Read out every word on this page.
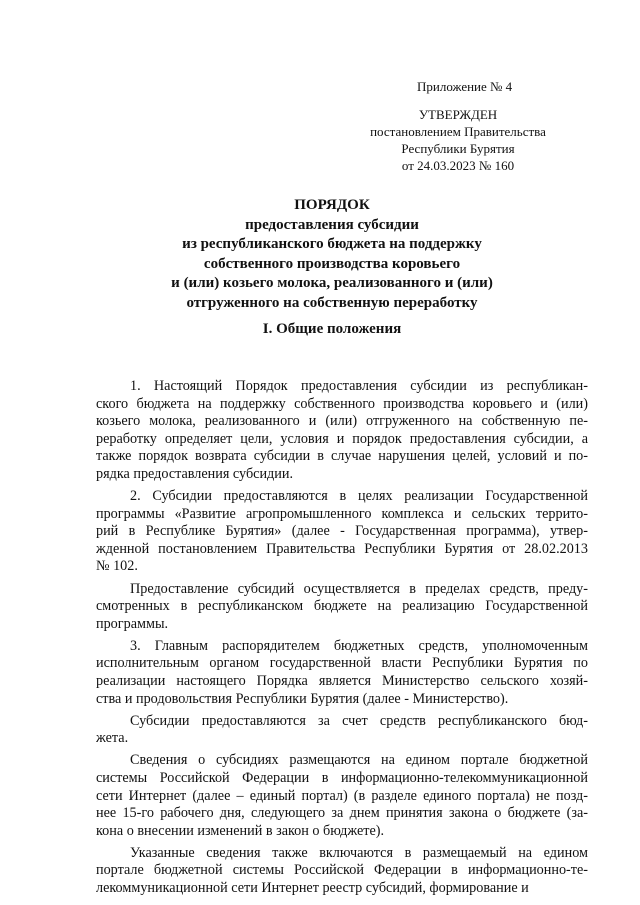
Приложение № 4
УТВЕРЖДЕН
постановлением Правительства
Республики Бурятия
от 24.03.2023 № 160
ПОРЯДОК
предоставления субсидии
из республиканского бюджета на поддержку
собственного производства коровьего
и (или) козьего молока, реализованного и (или)
отгруженного на собственную переработку
I. Общие положения
1. Настоящий Порядок предоставления субсидии из республикан-
ского бюджета на поддержку собственного производства коровьего и (или)
козьего молока, реализованного и (или) отгруженного на собственную пе-
реработку определяет цели, условия и порядок предоставления субсидии, а
также порядок возврата субсидии в случае нарушения целей, условий и по-
рядка предоставления субсидии.
2. Субсидии предоставляются в целях реализации Государственной
программы «Развитие агропромышленного комплекса и сельских террито-
рий в Республике Бурятия» (далее - Государственная программа), утвер-
жденной постановлением Правительства Республики Бурятия от 28.02.2013
№ 102.
Предоставление субсидий осуществляется в пределах средств, преду-
смотренных в республиканском бюджете на реализацию Государственной
программы.
3. Главным распорядителем бюджетных средств, уполномоченным
исполнительным органом государственной власти Республики Бурятия по
реализации настоящего Порядка является Министерство сельского хозяй-
ства и продовольствия Республики Бурятия (далее - Министерство).
Субсидии предоставляются за счет средств республиканского бюд-
жета.
Сведения о субсидиях размещаются на едином портале бюджетной
системы Российской Федерации в информационно-телекоммуникационной
сети Интернет (далее – единый портал) (в разделе единого портала) не позд-
нее 15-го рабочего дня, следующего за днем принятия закона о бюджете (за-
кона о внесении изменений в закон о бюджете).
Указанные сведения также включаются в размещаемый на едином
портале бюджетной системы Российской Федерации в информационно-те-
лекоммуникационной сети Интернет реестр субсидий, формирование и
